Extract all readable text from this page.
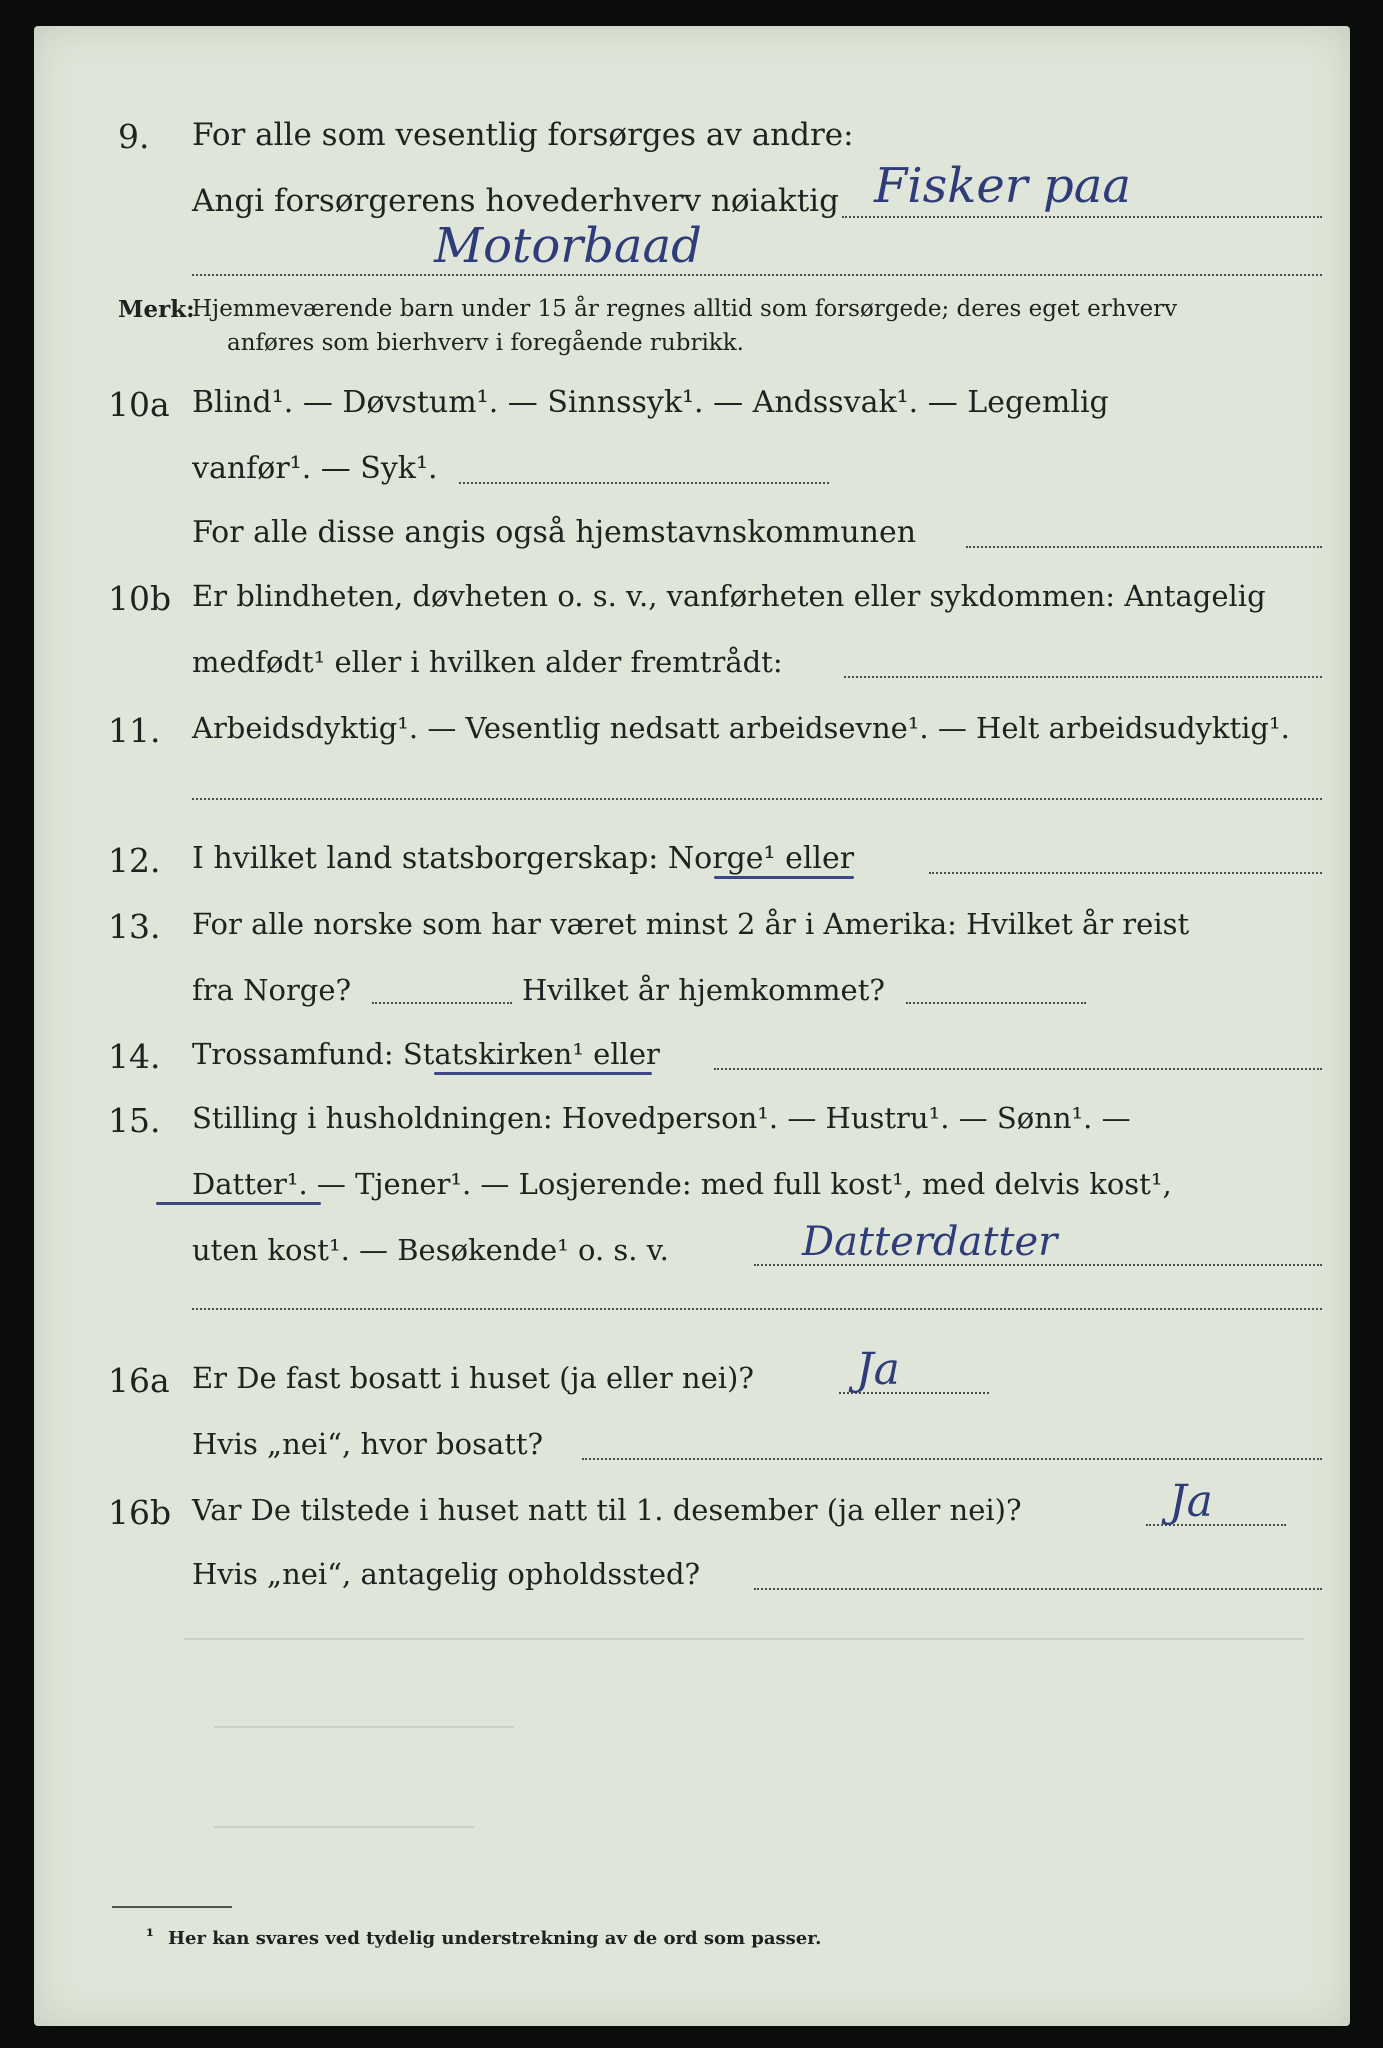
9. For alle som vesentlig forsørges av andre:
Angi forsørgerens hovederhverv nøiaktig Fisker paa
Motorbaad
Merk:
Hjemmeværende barn under 15 år regnes alltid som forsørgede; deres eget erhverv
anføres som bierhverv i foregående rubrikk.
10a Blind¹. — Døvstum¹. — Sinnssyk¹. — Andssvak¹. — Legemlig
vanfør¹. — Syk¹.
For alle disse angis også hjemstavnskommunen
10b Er blindheten, døvheten o. s. v., vanførheten eller sykdommen: Antagelig
medfødt¹ eller i hvilken alder fremtrådt:
11. Arbeidsdyktig¹. — Vesentlig nedsatt arbeidsevne¹. — Helt arbeidsudyktig¹.
12. I hvilket land statsborgerskap: Norge¹ eller
13. For alle norske som har været minst 2 år i Amerika: Hvilket år reist
fra Norge?	Hvilket år hjemkommet?
14. Trossamfund: Statskirken¹ eller
15. Stilling i husholdningen: Hovedperson¹. — Hustru¹. — Sønn¹. —
Datter¹. — Tjener¹. — Losjerende: med full kost¹, med delvis kost¹,
uten kost¹. — Besøkende¹ o. s. v.	Datterdatter
16a Er De fast bosatt i huset (ja eller nei)? Ja
Hvis „nei“, hvor bosatt?
16b Var De tilstede i huset natt til 1. desember (ja eller nei)?	Ja
Hvis „nei“, antagelig opholdssted?
¹ Her kan svares ved tydelig understrekning av de ord som passer.
